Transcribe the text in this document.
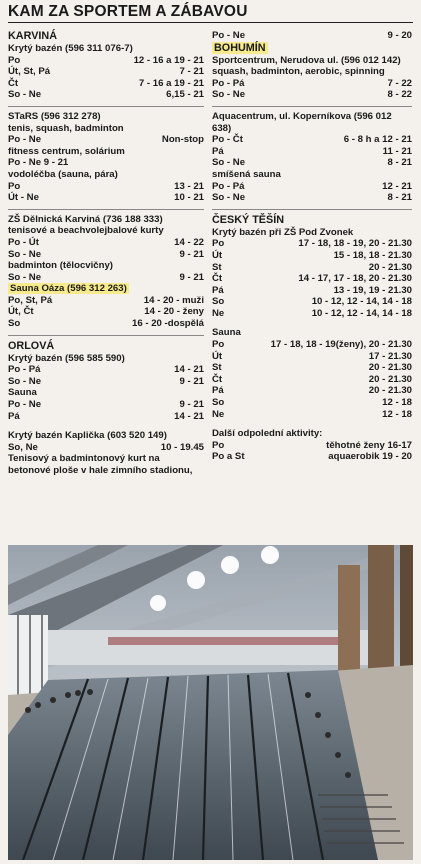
KAM ZA SPORTEM A ZÁBAVOU
KARVINÁ
Krytý bazén (596 311 076-7)
Po	12 - 16 a 19 - 21
Út, St, Pá	7 - 21
Čt	7 - 16 a 19 - 21
So - Ne	6,15 - 21
STaRS (596 312 278)
tenis, squash, badminton
Po - Ne	Non-stop
fitness centrum, solárium
Po - Ne 9 - 21
vodoléčba (sauna, pára)
Po	13 - 21
Út - Ne	10 - 21
ZŠ Dělnická Karviná (736 188 333) tenisové a beachvolejbalové kurty
Po - Út	14 - 22
So - Ne	9 - 21
badminton (tělocvičny)
So - Ne	9 - 21
Sauna Oáza (596 312 263)
Po, St, Pá	14 - 20 - muži
Út, Čt	14 - 20 - ženy
So	16 - 20 -dospělá
ORLOVÁ
Krytý bazén (596 585 590)
Po - Pá	14 - 21
So - Ne	9 - 21
Sauna
Po - Ne	9 - 21
Pá	14 - 21
Krytý bazén Kaplička (603 520 149)
So, Ne	10 - 19.45
Tenisový a badmintonový kurt na betonové ploše v hale zimního stadionu,
Po - Ne	9 - 20
BOHUMÍN
Sportcentrum, Nerudova ul. (596 012 142)
squash, badminton, aerobic, spinning
Po - Pá	7 - 22
So - Ne	8 - 22
Aquacentrum, ul. Koperníkova (596 012 638)
Po - Čt	6 - 8 h a 12 - 21
Pá	11 - 21
So - Ne	8 - 21
smíšená sauna
Po - Pá	12 - 21
So - Ne	8 - 21
ČESKÝ TĚŠÍN
Krytý bazén při ZŠ Pod Zvonek
Po	17 - 18, 18 - 19, 20 - 21.30
Út	15 - 18, 18 - 21.30
St	20 - 21.30
Čt	14 - 17, 17 - 18, 20 - 21.30
Pá	13 - 19, 19 - 21.30
So	10 - 12, 12 - 14, 14 - 18
Ne	10 - 12, 12 - 14, 14 - 18
Sauna
Po	17 - 18, 18 - 19(ženy), 20 - 21.30
Út	17 - 21.30
St	20 - 21.30
Čt	20 - 21.30
Pá	20 - 21.30
So	12 - 18
Ne	12 - 18
Další odpolední aktivity:
Po	těhotné ženy 16-17
Po a St	aquaerobik 19 - 20
